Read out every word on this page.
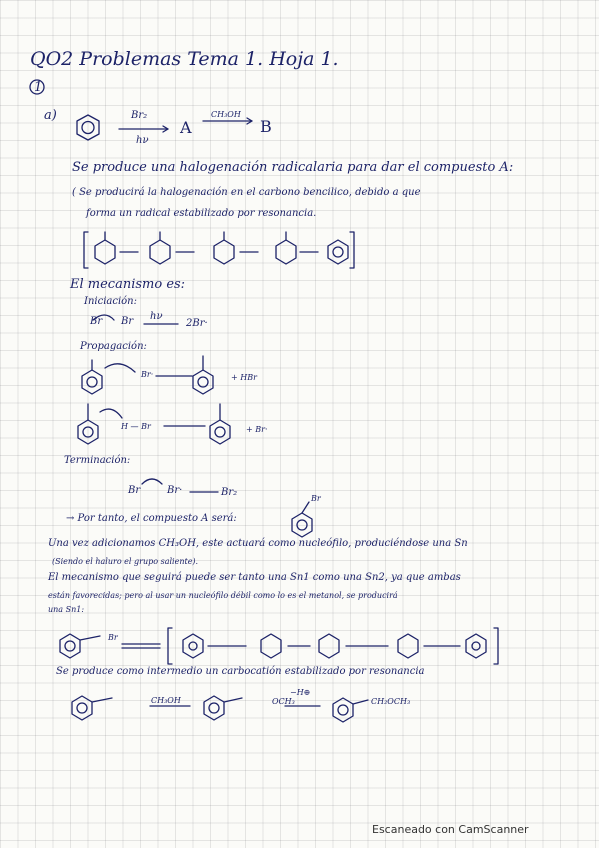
QO2 Problemas Tema 1. Hoja 1.
1
a)	Br₂
hν
A
CH₃OH
B
Se produce una halogenación radicalaria para dar el compuesto A:
( Se producirá la halogenación en el carbono bencilico, debido a que
forma un radical estabilizado por resonancia.
El mecanismo es:
Iniciación:
Br Br hν
2Br·
Propagación:
Br·	+ HBr
H — Br	+ Br·
Terminación:
Br	Br·	Br₂
→ Por tanto, el compuesto A será:
Br
Una vez adicionamos CH₃OH, este actuará como nucleófilo, produciéndose una Sn
(Siendo el haluro el grupo saliente).
El mecanismo que seguirá puede ser tanto una Sn1 como una Sn2, ya que ambas
están favorecidas; pero al usar un nucleófilo débil como lo es el metanol, se producirá
una Sn1:
Br
Se produce como intermedio un carbocatión estabilizado por resonancia
CH₃OH	OCH₃
−H⊕
CH₂OCH₃
Escaneado con CamScanner
